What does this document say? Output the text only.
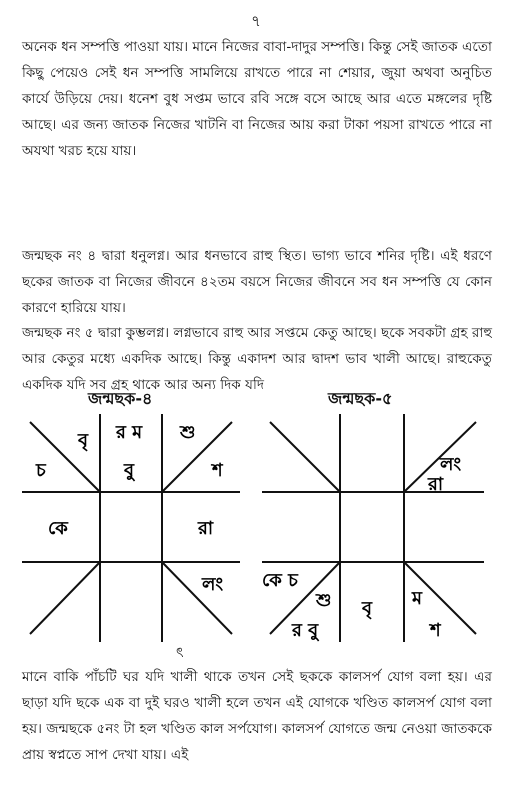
৭
অনেক ধন সম্পত্তি পাওয়া যায়। মানে নিজের বাবা-দাদুর সম্পত্তি। কিন্তু সেই জাতক এতো কিছু পেয়েও সেই ধন সম্পত্তি সামলিয়ে রাখতে পারে না শেয়ার, জুয়া অথবা অনুচিত কার্যে উড়িয়ে দেয়। ধনেশ বুধ সপ্তম ভাবে রবি সঙ্গে বসে আছে আর এতে মঙ্গলের দৃষ্টি আছে। এর জন্য জাতক নিজের খাটনি বা নিজের আয় করা টাকা পয়সা রাখতে পারে না অযথা খরচ হয়ে যায়।
জন্মছক নং ৪ দ্বারা ধনুলগ্ন। আর ধনভাবে রাহু স্থিত। ভাগ্য ভাবে শনির দৃষ্টি। এই ধরণে ছকের জাতক বা নিজের জীবনে ৪২তম বয়সে নিজের জীবনে সব ধন সম্পত্তি যে কোন কারণে হারিয়ে যায়।
জন্মছক নং ৫ দ্বারা কুম্ভলগ্ন। লগ্নভাবে রাহু আর সপ্তমে কেতু আছে। ছকে সবকটা গ্রহ রাহু আর কেতুর মধ্যে একদিক আছে। কিন্তু একাদশ আর দ্বাদশ ভাব খালী আছে। রাহুকেতু একদিক যদি সব গ্রহ থাকে আর অন্য দিক যদি
জন্মছক-৪	জন্মছক-৫
বৃ
চ
র ম
বু
শু
শ
কে	রা
লং
লং
রা
কে চ
শু
র বু
বৃ ম
শ
ৎ
মানে বাকি পাঁচটি ঘর যদি খালী থাকে তখন সেই ছককে কালসর্প যোগ বলা হয়। এর ছাড়া যদি ছকে এক বা দুই ঘরও খালী হলে তখন এই যোগকে খণ্ডিত কালসর্প যোগ বলা হয়। জন্মছকে ৫নং টা হল খণ্ডিত কাল সর্পযোগ। কালসর্প যোগতে জন্ম নেওয়া জাতককে প্রায় স্বপ্নতে সাপ দেখা যায়। এই
